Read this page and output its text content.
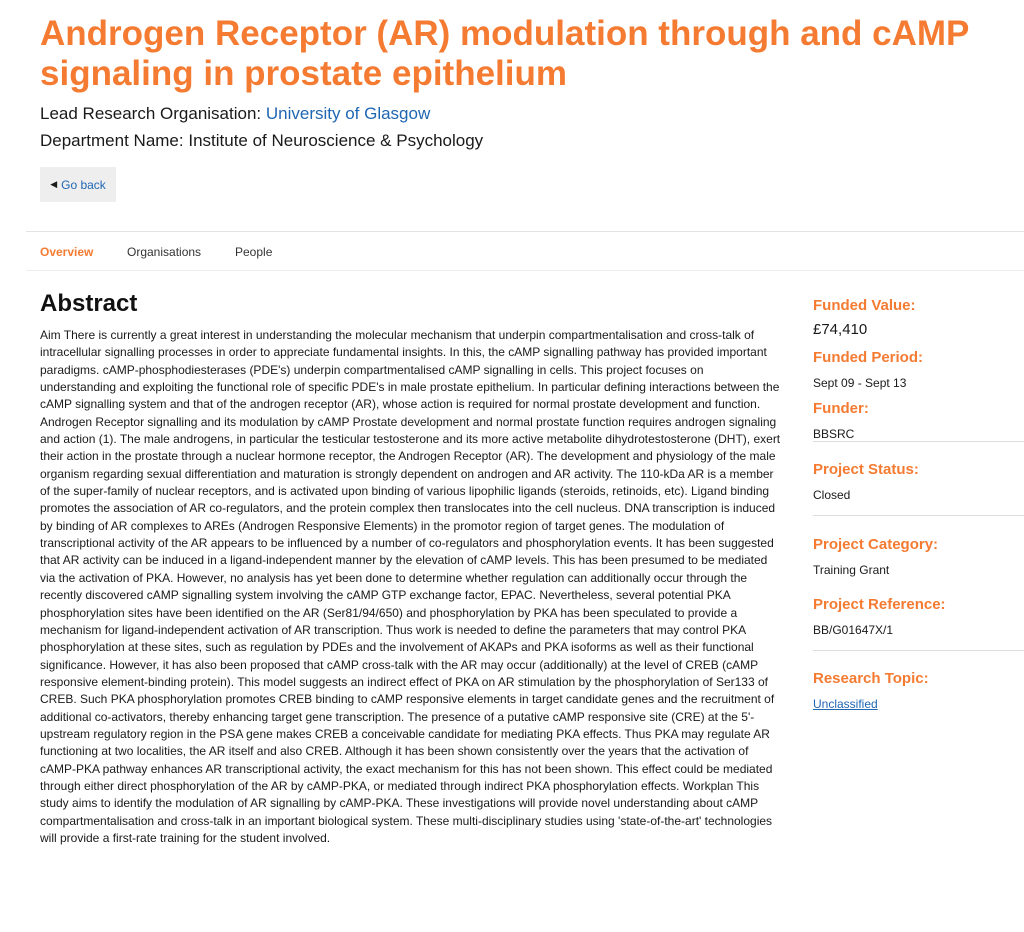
Androgen Receptor (AR) modulation through and cAMP signaling in prostate epithelium
Lead Research Organisation: University of Glasgow
Department Name: Institute of Neuroscience & Psychology
◀ Go back
Overview	Organisations	People
Abstract

Aim There is currently a great interest in understanding the molecular mechanism that underpin compartmentalisation and cross-talk of intracellular signalling processes in order to appreciate fundamental insights. In this, the cAMP signalling pathway has provided important paradigms. cAMP-phosphodiesterases (PDE's) underpin compartmentalised cAMP signalling in cells. This project focuses on understanding and exploiting the functional role of specific PDE's in male prostate epithelium. In particular defining interactions between the cAMP signalling system and that of the androgen receptor (AR), whose action is required for normal prostate development and function. Androgen Receptor signalling and its modulation by cAMP Prostate development and normal prostate function requires androgen signaling and action (1). The male androgens, in particular the testicular testosterone and its more active metabolite dihydrotestosterone (DHT), exert their action in the prostate through a nuclear hormone receptor, the Androgen Receptor (AR). The development and physiology of the male organism regarding sexual differentiation and maturation is strongly dependent on androgen and AR activity. The 110-kDa AR is a member of the super-family of nuclear receptors, and is activated upon binding of various lipophilic ligands (steroids, retinoids, etc). Ligand binding promotes the association of AR co-regulators, and the protein complex then translocates into the cell nucleus. DNA transcription is induced by binding of AR complexes to AREs (Androgen Responsive Elements) in the promotor region of target genes. The modulation of transcriptional activity of the AR appears to be influenced by a number of co-regulators and phosphorylation events. It has been suggested that AR activity can be induced in a ligand-independent manner by the elevation of cAMP levels. This has been presumed to be mediated via the activation of PKA. However, no analysis has yet been done to determine whether regulation can additionally occur through the recently discovered cAMP signalling system involving the cAMP GTP exchange factor, EPAC. Nevertheless, several potential PKA phosphorylation sites have been identified on the AR (Ser81/94/650) and phosphorylation by PKA has been speculated to provide a mechanism for ligand-independent activation of AR transcription. Thus work is needed to define the parameters that may control PKA phosphorylation at these sites, such as regulation by PDEs and the involvement of AKAPs and PKA isoforms as well as their functional significance. However, it has also been proposed that cAMP cross-talk with the AR may occur (additionally) at the level of CREB (cAMP responsive element-binding protein). This model suggests an indirect effect of PKA on AR stimulation by the phosphorylation of Ser133 of CREB. Such PKA phosphorylation promotes CREB binding to cAMP responsive elements in target candidate genes and the recruitment of additional co-activators, thereby enhancing target gene transcription. The presence of a putative cAMP responsive site (CRE) at the 5'-upstream regulatory region in the PSA gene makes CREB a conceivable candidate for mediating PKA effects. Thus PKA may regulate AR functioning at two localities, the AR itself and also CREB. Although it has been shown consistently over the years that the activation of cAMP-PKA pathway enhances AR transcriptional activity, the exact mechanism for this has not been shown. This effect could be mediated through either direct phosphorylation of the AR by cAMP-PKA, or mediated through indirect PKA phosphorylation effects. Workplan This study aims to identify the modulation of AR signalling by cAMP-PKA. These investigations will provide novel understanding about cAMP compartmentalisation and cross-talk in an important biological system. These multi-disciplinary studies using 'state-of-the-art' technologies will provide a first-rate training for the student involved.

Funded Value:
£74,410
Funded Period:
Sept 09 - Sept 13
Funder:
BBSRC
Project Status:
Closed
Project Category:
Training Grant
Project Reference:
BB/G01647X/1
Research Topic:
Unclassified
